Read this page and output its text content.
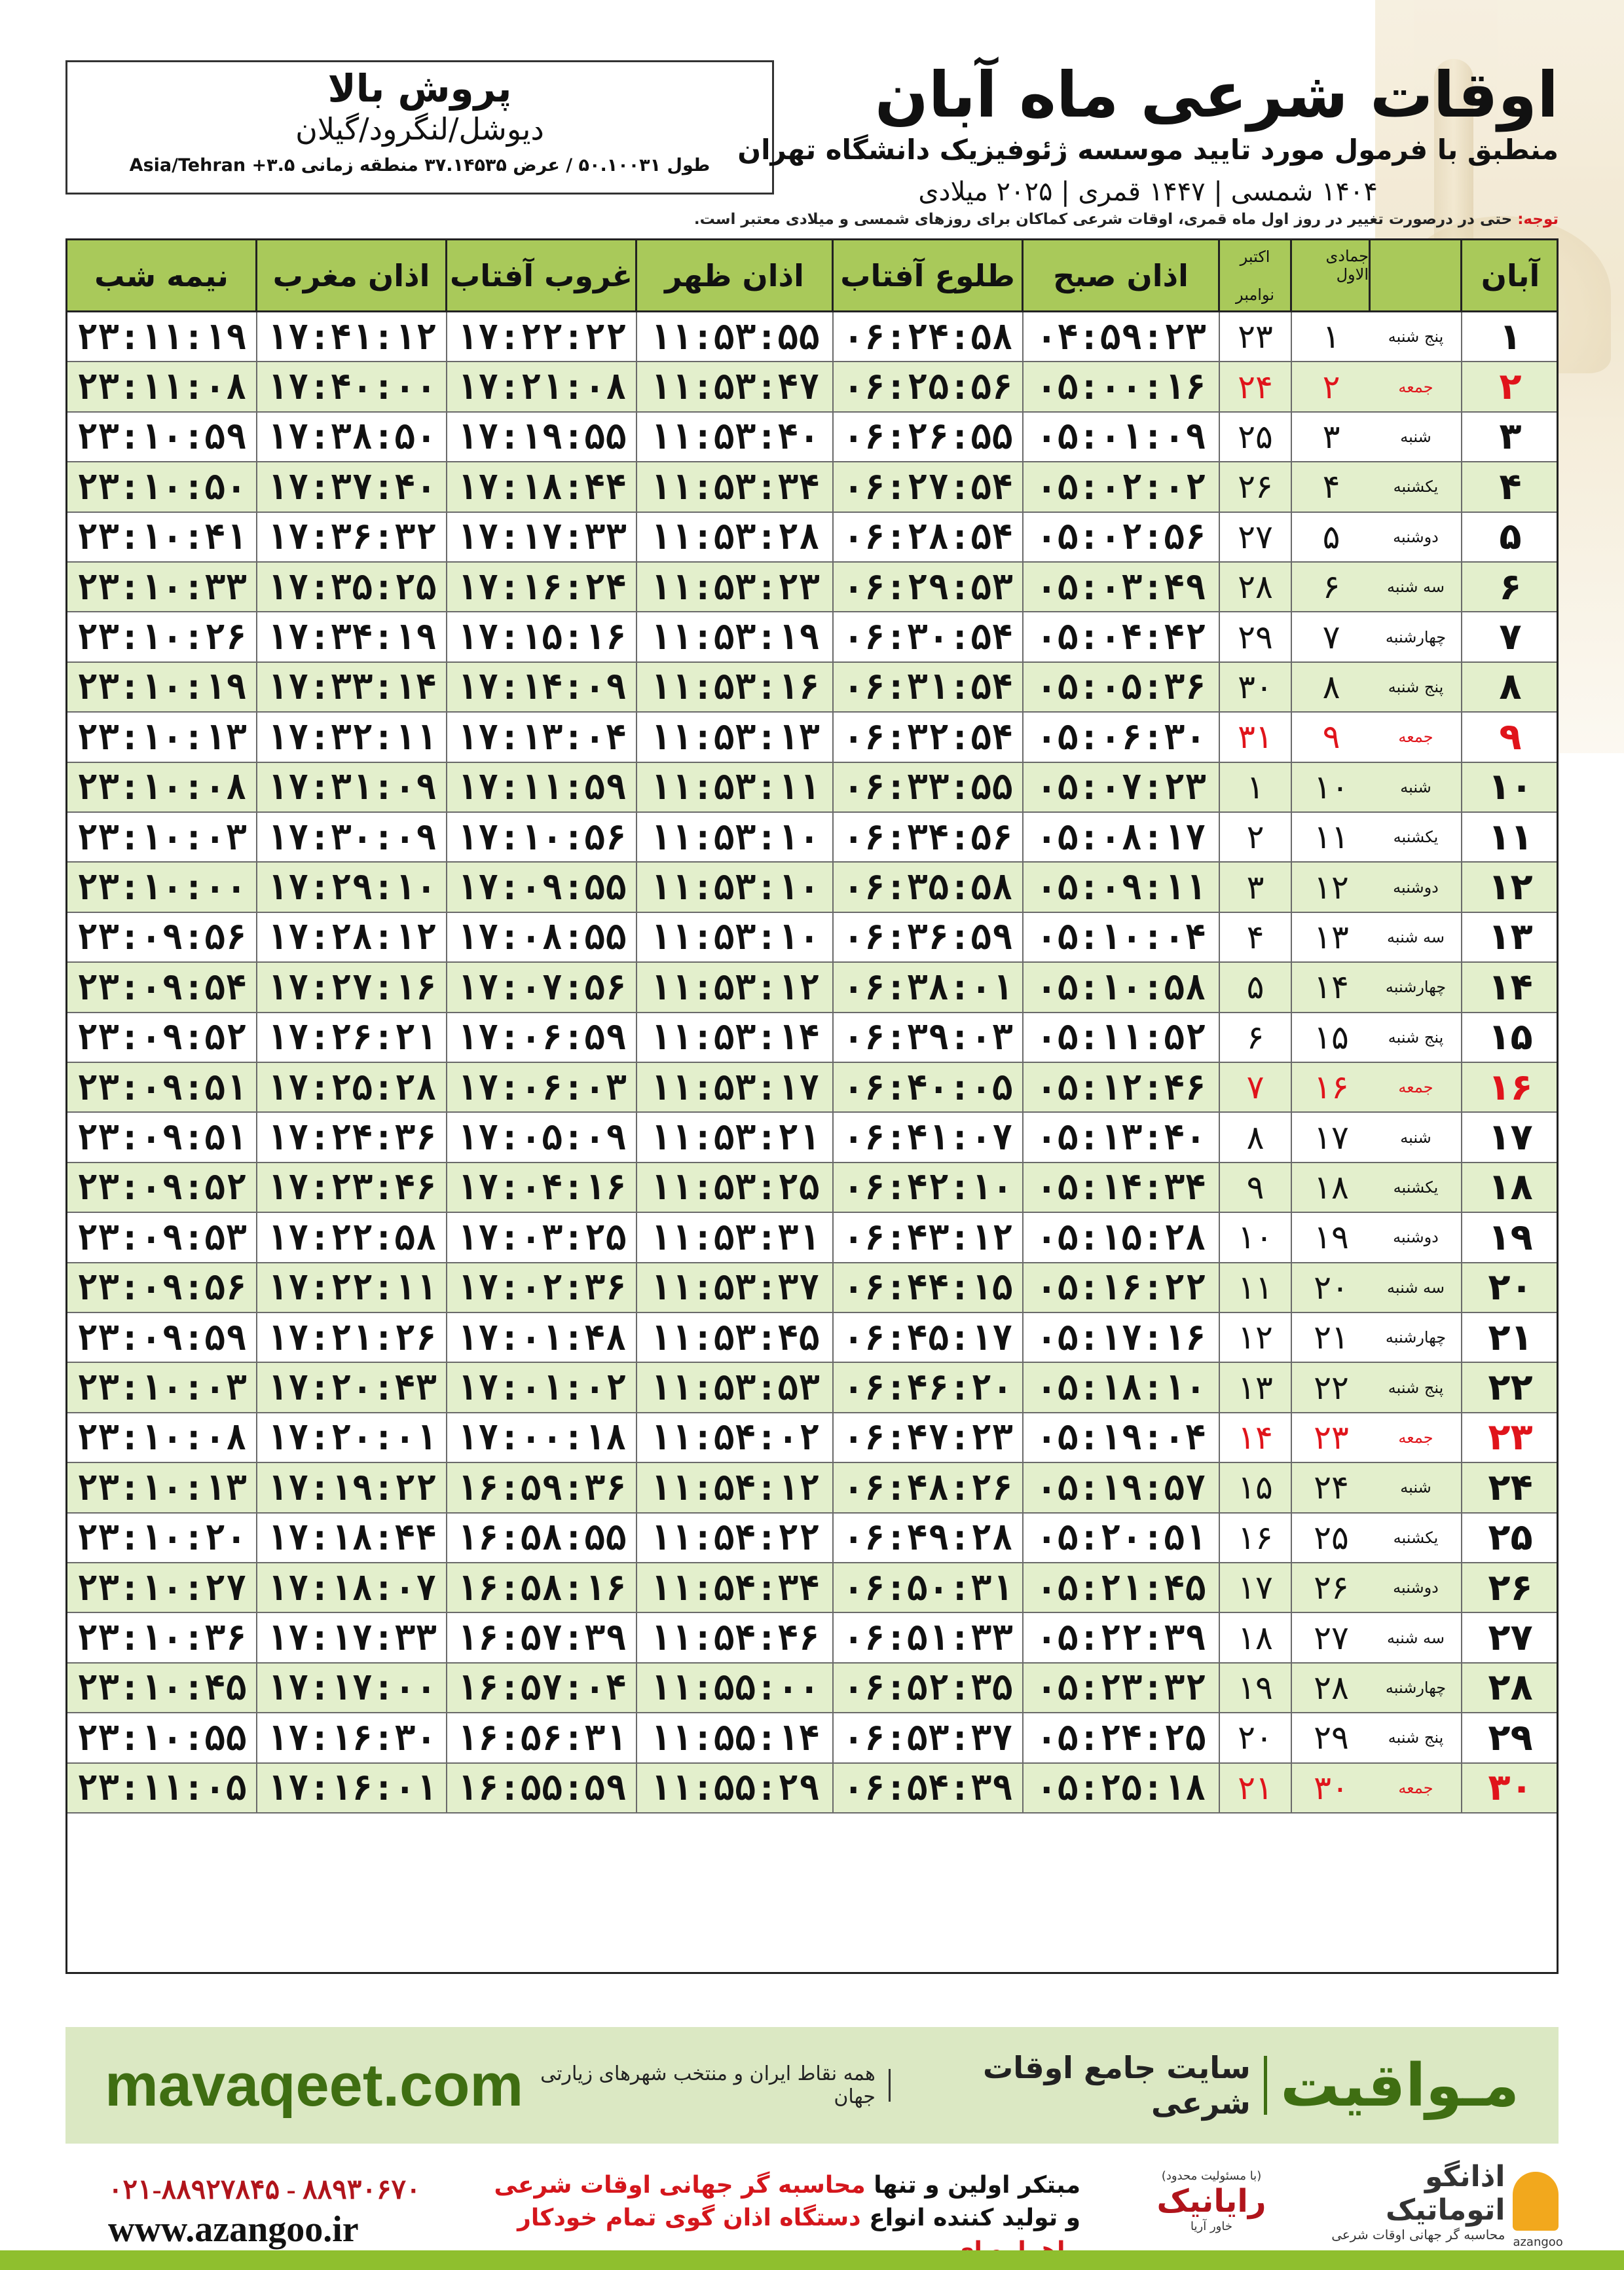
پروش بالا
دیوشل/لنگرود/گیلان
طول ۵۰.۱۰۰۳۱ / عرض ۳۷.۱۴۵۳۵ منطقه زمانی ۳.۵+ Asia/Tehran
اوقات شرعی ماه آبان
منطبق با فرمول مورد تایید موسسه ژئوفیزیک دانشگاه تهران
۱۴۰۴ شمسی | ۱۴۴۷ قمری | ۲۰۲۵ میلادی
توجه: حتی در درصورت تغییر در روز اول ماه قمری، اوقات شرعی کماکان برای روزهای شمسی و میلادی معتبر است.
نیمه شب	اذان مغرب غروب آفتاب	اذان ظهر	طلوع آفتاب	اذان صبح
اکتبر
نوامبر
جمادی الاول	آبان
۲۳:۱۱:۱۹ ۱۷:۴۱:۱۲ ۱۷:۲۲:۲۲ ۱۱:۵۳:۵۵ ۰۶:۲۴:۵۸ ۰۴:۵۹:۲۳ ۲۳	۱	پنج شنبه	۱
۲۳:۱۱:۰۸ ۱۷:۴۰:۰۰ ۱۷:۲۱:۰۸ ۱۱:۵۳:۴۷ ۰۶:۲۵:۵۶ ۰۵:۰۰:۱۶ ۲۴	۲	جمعه	۲
۲۳:۱۰:۵۹ ۱۷:۳۸:۵۰ ۱۷:۱۹:۵۵ ۱۱:۵۳:۴۰ ۰۶:۲۶:۵۵ ۰۵:۰۱:۰۹ ۲۵	۳	شنبه	۳
۲۳:۱۰:۵۰ ۱۷:۳۷:۴۰ ۱۷:۱۸:۴۴ ۱۱:۵۳:۳۴ ۰۶:۲۷:۵۴ ۰۵:۰۲:۰۲ ۲۶	۴	یکشنبه	۴
۲۳:۱۰:۴۱ ۱۷:۳۶:۳۲ ۱۷:۱۷:۳۳ ۱۱:۵۳:۲۸ ۰۶:۲۸:۵۴ ۰۵:۰۲:۵۶ ۲۷	۵	دوشنبه	۵
۲۳:۱۰:۳۳ ۱۷:۳۵:۲۵ ۱۷:۱۶:۲۴ ۱۱:۵۳:۲۳ ۰۶:۲۹:۵۳ ۰۵:۰۳:۴۹ ۲۸	۶	سه شنبه	۶
۲۳:۱۰:۲۶ ۱۷:۳۴:۱۹ ۱۷:۱۵:۱۶ ۱۱:۵۳:۱۹ ۰۶:۳۰:۵۴ ۰۵:۰۴:۴۲ ۲۹	۷	چهارشنبه	۷
۲۳:۱۰:۱۹ ۱۷:۳۳:۱۴ ۱۷:۱۴:۰۹ ۱۱:۵۳:۱۶ ۰۶:۳۱:۵۴ ۰۵:۰۵:۳۶ ۳۰	۸	پنج شنبه	۸
۲۳:۱۰:۱۳ ۱۷:۳۲:۱۱ ۱۷:۱۳:۰۴ ۱۱:۵۳:۱۳ ۰۶:۳۲:۵۴ ۰۵:۰۶:۳۰ ۳۱	۹	جمعه	۹
۲۳:۱۰:۰۸ ۱۷:۳۱:۰۹ ۱۷:۱۱:۵۹ ۱۱:۵۳:۱۱ ۰۶:۳۳:۵۵ ۰۵:۰۷:۲۳	۱	۱۰	شنبه	۱۰
۲۳:۱۰:۰۳ ۱۷:۳۰:۰۹ ۱۷:۱۰:۵۶ ۱۱:۵۳:۱۰ ۰۶:۳۴:۵۶ ۰۵:۰۸:۱۷	۲	۱۱	یکشنبه	۱۱
۲۳:۱۰:۰۰ ۱۷:۲۹:۱۰ ۱۷:۰۹:۵۵ ۱۱:۵۳:۱۰ ۰۶:۳۵:۵۸ ۰۵:۰۹:۱۱	۳	۱۲	دوشنبه	۱۲
۲۳:۰۹:۵۶ ۱۷:۲۸:۱۲ ۱۷:۰۸:۵۵ ۱۱:۵۳:۱۰ ۰۶:۳۶:۵۹ ۰۵:۱۰:۰۴	۴	۱۳	سه شنبه	۱۳
۲۳:۰۹:۵۴ ۱۷:۲۷:۱۶ ۱۷:۰۷:۵۶ ۱۱:۵۳:۱۲ ۰۶:۳۸:۰۱ ۰۵:۱۰:۵۸	۵	۱۴	چهارشنبه	۱۴
۲۳:۰۹:۵۲ ۱۷:۲۶:۲۱ ۱۷:۰۶:۵۹ ۱۱:۵۳:۱۴ ۰۶:۳۹:۰۳ ۰۵:۱۱:۵۲	۶	۱۵	پنج شنبه	۱۵
۲۳:۰۹:۵۱ ۱۷:۲۵:۲۸ ۱۷:۰۶:۰۳ ۱۱:۵۳:۱۷ ۰۶:۴۰:۰۵ ۰۵:۱۲:۴۶	۷	۱۶	جمعه	۱۶
۲۳:۰۹:۵۱ ۱۷:۲۴:۳۶ ۱۷:۰۵:۰۹ ۱۱:۵۳:۲۱ ۰۶:۴۱:۰۷ ۰۵:۱۳:۴۰	۸	۱۷	شنبه	۱۷
۲۳:۰۹:۵۲ ۱۷:۲۳:۴۶ ۱۷:۰۴:۱۶ ۱۱:۵۳:۲۵ ۰۶:۴۲:۱۰ ۰۵:۱۴:۳۴	۹	۱۸	یکشنبه	۱۸
۲۳:۰۹:۵۳ ۱۷:۲۲:۵۸ ۱۷:۰۳:۲۵ ۱۱:۵۳:۳۱ ۰۶:۴۳:۱۲ ۰۵:۱۵:۲۸ ۱۰	۱۹	دوشنبه	۱۹
۲۳:۰۹:۵۶ ۱۷:۲۲:۱۱ ۱۷:۰۲:۳۶ ۱۱:۵۳:۳۷ ۰۶:۴۴:۱۵ ۰۵:۱۶:۲۲ ۱۱	۲۰	سه شنبه	۲۰
۲۳:۰۹:۵۹ ۱۷:۲۱:۲۶ ۱۷:۰۱:۴۸ ۱۱:۵۳:۴۵ ۰۶:۴۵:۱۷ ۰۵:۱۷:۱۶ ۱۲	۲۱	چهارشنبه	۲۱
۲۳:۱۰:۰۳ ۱۷:۲۰:۴۳ ۱۷:۰۱:۰۲ ۱۱:۵۳:۵۳ ۰۶:۴۶:۲۰ ۰۵:۱۸:۱۰ ۱۳	۲۲	پنج شنبه	۲۲
۲۳:۱۰:۰۸ ۱۷:۲۰:۰۱ ۱۷:۰۰:۱۸ ۱۱:۵۴:۰۲ ۰۶:۴۷:۲۳ ۰۵:۱۹:۰۴ ۱۴	۲۳	جمعه	۲۳
۲۳:۱۰:۱۳ ۱۷:۱۹:۲۲ ۱۶:۵۹:۳۶ ۱۱:۵۴:۱۲ ۰۶:۴۸:۲۶ ۰۵:۱۹:۵۷ ۱۵	۲۴	شنبه	۲۴
۲۳:۱۰:۲۰ ۱۷:۱۸:۴۴ ۱۶:۵۸:۵۵ ۱۱:۵۴:۲۲ ۰۶:۴۹:۲۸ ۰۵:۲۰:۵۱ ۱۶	۲۵	یکشنبه	۲۵
۲۳:۱۰:۲۷ ۱۷:۱۸:۰۷ ۱۶:۵۸:۱۶ ۱۱:۵۴:۳۴ ۰۶:۵۰:۳۱ ۰۵:۲۱:۴۵ ۱۷	۲۶	دوشنبه	۲۶
۲۳:۱۰:۳۶ ۱۷:۱۷:۳۳ ۱۶:۵۷:۳۹ ۱۱:۵۴:۴۶ ۰۶:۵۱:۳۳ ۰۵:۲۲:۳۹ ۱۸	۲۷	سه شنبه	۲۷
۲۳:۱۰:۴۵ ۱۷:۱۷:۰۰ ۱۶:۵۷:۰۴ ۱۱:۵۵:۰۰ ۰۶:۵۲:۳۵ ۰۵:۲۳:۳۲ ۱۹	۲۸	چهارشنبه	۲۸
۲۳:۱۰:۵۵ ۱۷:۱۶:۳۰ ۱۶:۵۶:۳۱ ۱۱:۵۵:۱۴ ۰۶:۵۳:۳۷ ۰۵:۲۴:۲۵ ۲۰	۲۹	پنج شنبه	۲۹
۲۳:۱۱:۰۵ ۱۷:۱۶:۰۱ ۱۶:۵۵:۵۹ ۱۱:۵۵:۲۹ ۰۶:۵۴:۳۹ ۰۵:۲۵:۱۸ ۲۱	۳۰	جمعه	۳۰
mavaqeet.com	مـواقیت
سایت جامع اوقات شرعی
همه نقاط ایران و منتخب شهرهای زیارتی جهان
۰۲۱-۸۸۹۲۷۸۴۵ - ۸۸۹۳۰۶۷۰
www.azangoo.ir
مبتکر اولین و تنها محاسبه گر جهانی اوقات شرعی
و تولید کننده انواع دستگاه اذان گوی تمام خودکار
(با مسئولیت محدود)
رایانیک
خاور آریا
azangoo
اذانگو اتوماتیک
محاسبه گر جهانی اوقات شرعی
